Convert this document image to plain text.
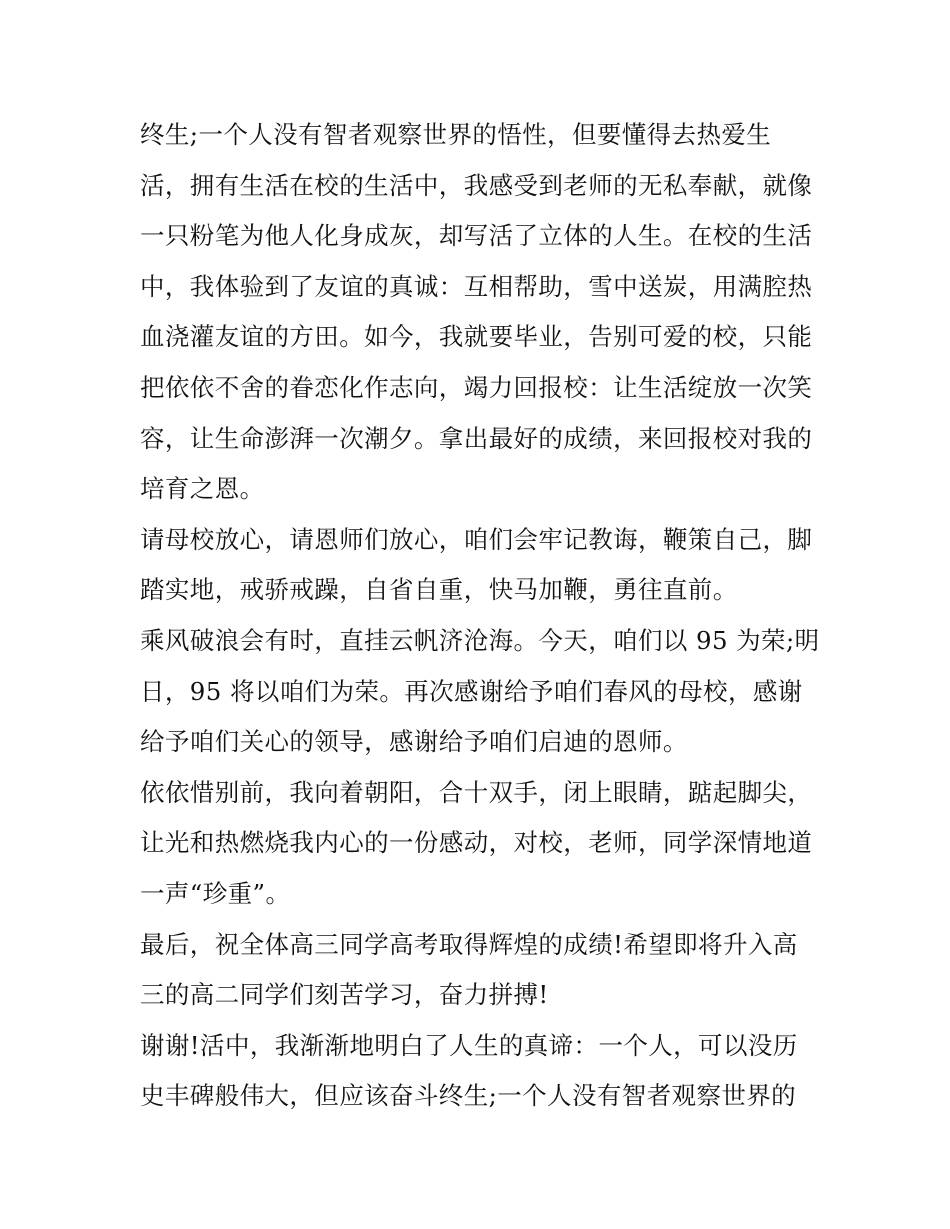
终生;一个人没有智者观察世界的悟性，但要懂得去热爱生
活，拥有生活在校的生活中，我感受到老师的无私奉献，就像
一只粉笔为他人化身成灰，却写活了立体的人生。在校的生活
中，我体验到了友谊的真诚：互相帮助，雪中送炭，用满腔热
血浇灌友谊的方田。如今，我就要毕业，告别可爱的校，只能
把依依不舍的眷恋化作志向，竭力回报校：让生活绽放一次笑
容，让生命澎湃一次潮夕。拿出最好的成绩，来回报校对我的
培育之恩。
请母校放心，请恩师们放心，咱们会牢记教诲，鞭策自己，脚
踏实地，戒骄戒躁，自省自重，快马加鞭，勇往直前。
乘风破浪会有时，直挂云帆济沧海。今天，咱们以 95 为荣;明
日，95 将以咱们为荣。再次感谢给予咱们春风的母校，感谢
给予咱们关心的领导，感谢给予咱们启迪的恩师。
依依惜别前，我向着朝阳，合十双手，闭上眼睛，踮起脚尖，
让光和热燃烧我内心的一份感动，对校，老师，同学深情地道
一声“珍重”。
最后，祝全体高三同学高考取得辉煌的成绩!希望即将升入高
三的高二同学们刻苦学习，奋力拼搏!
谢谢!活中，我渐渐地明白了人生的真谛：一个人，可以没历
史丰碑般伟大，但应该奋斗终生;一个人没有智者观察世界的
